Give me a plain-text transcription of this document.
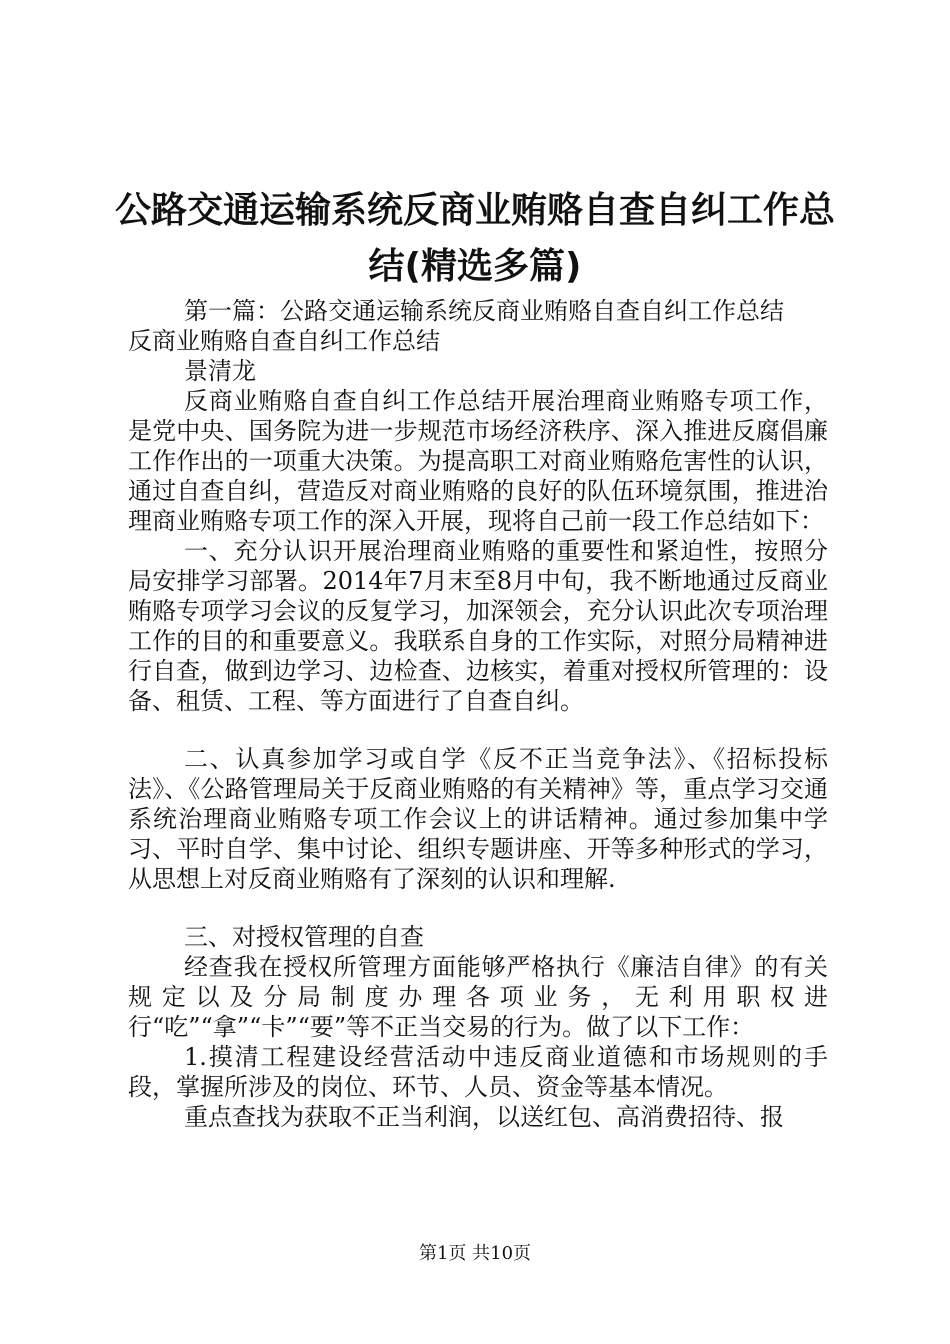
公路交通运输系统反商业贿赂自查自纠工作总
结(精选多篇)

第一篇：公路交通运输系统反商业贿赂自查自纠工作总结

反商业贿赂自查自纠工作总结

景清龙

反商业贿赂自查自纠工作总结开展治理商业贿赂专项工作，是党中央、国务院为进一步规范市场经济秩序、深入推进反腐倡廉工作作出的一项重大决策。为提高职工对商业贿赂危害性的认识，通过自查自纠，营造反对商业贿赂的良好的队伍环境氛围，推进治理商业贿赂专项工作的深入开展，现将自己前一段工作总结如下：

一、充分认识开展治理商业贿赂的重要性和紧迫性，按照分局安排学习部署。2014年7月末至8月中旬，我不断地通过反商业贿赂专项学习会议的反复学习，加深领会，充分认识此次专项治理工作的目的和重要意义。我联系自身的工作实际，对照分局精神进行自查，做到边学习、边检查、边核实，着重对授权所管理的：设备、租赁、工程、等方面进行了自查自纠。

二、认真参加学习或自学《反不正当竞争法》、《招标投标法》、《公路管理局关于反商业贿赂的有关精神》等，重点学习交通系统治理商业贿赂专项工作会议上的讲话精神。通过参加集中学习、平时自学、集中讨论、组织专题讲座、开等多种形式的学习，从思想上对反商业贿赂有了深刻的认识和理解.

三、对授权管理的自查

经查我在授权所管理方面能够严格执行《廉洁自律》的有关规定以及分局制度办理各项业务，无利用职权进行“吃”“拿”“卡”“要”等不正当交易的行为。做了以下工作：

1.摸清工程建设经营活动中违反商业道德和市场规则的手段，掌握所涉及的岗位、环节、人员、资金等基本情况。

重点查找为获取不正当利润，以送红包、高消费招待、报

第1页 共10页
